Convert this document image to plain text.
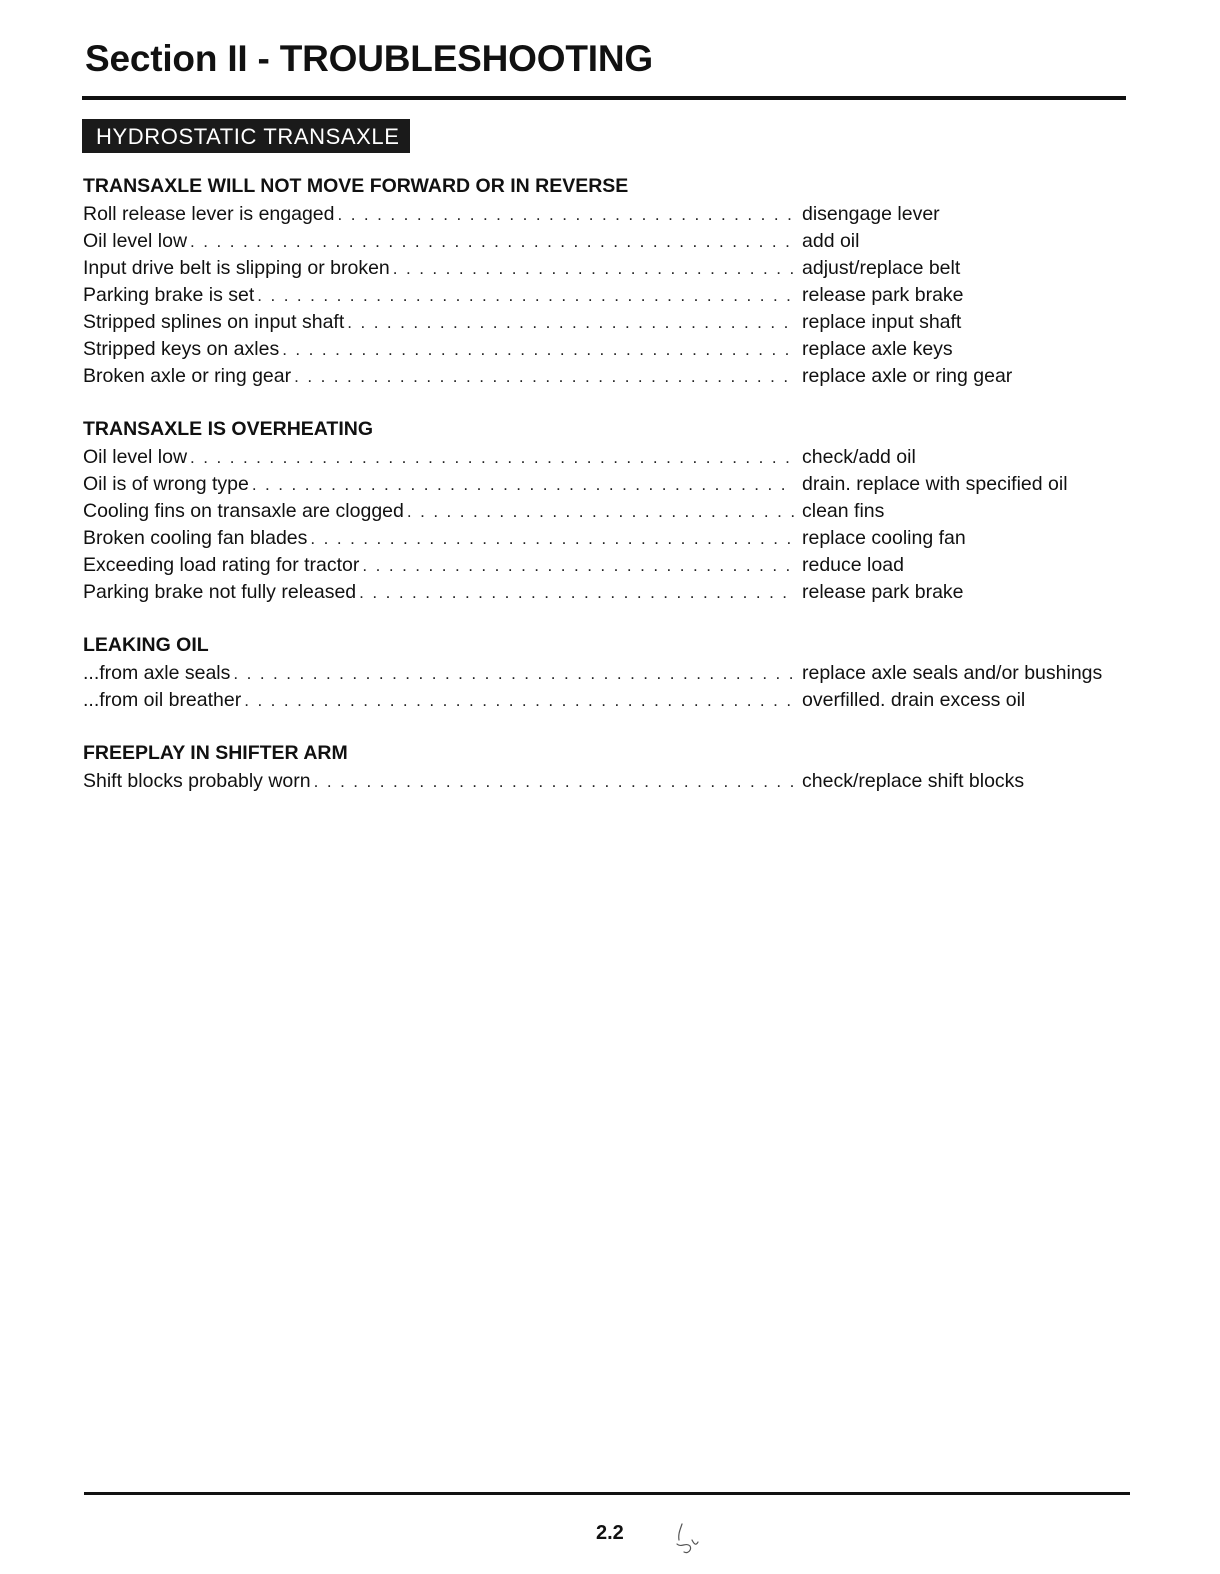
Section II - TROUBLESHOOTING
HYDROSTATIC TRANSAXLE
TRANSAXLE WILL NOT MOVE FORWARD OR IN REVERSE
Roll release lever is engaged .....	disengage lever
Oil level low .....	add oil
Input drive belt is slipping or broken .....	adjust/replace belt
Parking brake is set .....	release park brake
Stripped splines on input shaft .....	replace input shaft
Stripped keys on axles .....	replace axle keys
Broken axle or ring gear .....	replace axle or ring gear
TRANSAXLE IS OVERHEATING
Oil level low .....	check/add oil
Oil is of wrong type .....	drain. replace with specified oil
Cooling fins on transaxle are clogged .....	clean fins
Broken cooling fan blades .....	replace cooling fan
Exceeding load rating for tractor .....	reduce load
Parking brake not fully released .....	release park brake
LEAKING OIL
...from axle seals .....	replace axle seals and/or bushings
...from oil breather .....	overfilled. drain excess oil
FREEPLAY IN SHIFTER ARM
Shift blocks probably worn .....	check/replace shift blocks
2.2
